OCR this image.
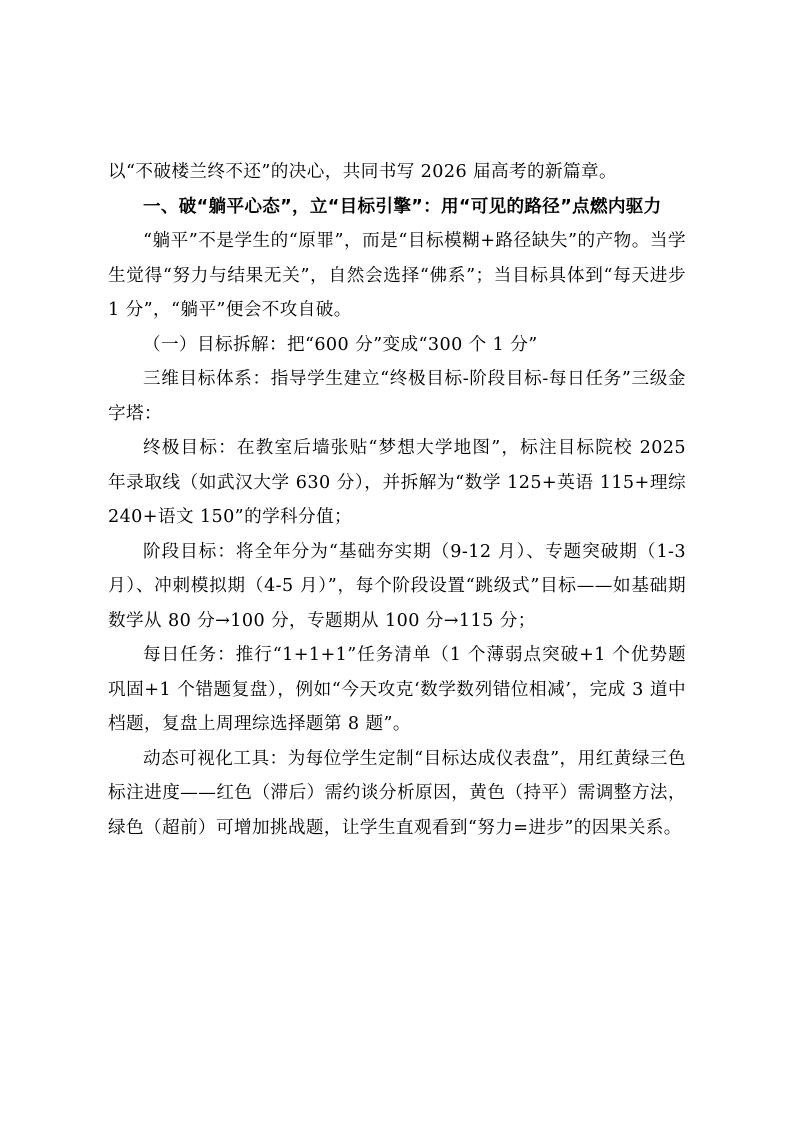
以“不破楼兰终不还”的决心，共同书写 2026 届高考的新篇章。

一、破“躺平心态”，立“目标引擎”：用“可见的路径”点燃内驱力

“躺平”不是学生的“原罪”，而是“目标模糊+路径缺失”的产物。当学生觉得“努力与结果无关”，自然会选择“佛系”；当目标具体到“每天进步 1 分”，“躺平”便会不攻自破。

（一）目标拆解：把“600 分”变成“300 个 1 分”

三维目标体系：指导学生建立“终极目标-阶段目标-每日任务”三级金字塔：

终极目标：在教室后墙张贴“梦想大学地图”，标注目标院校 2025 年录取线（如武汉大学 630 分），并拆解为“数学 125+英语 115+理综 240+语文 150”的学科分值；

阶段目标：将全年分为“基础夯实期（9-12 月）、专题突破期（1-3 月）、冲刺模拟期（4-5 月）”，每个阶段设置“跳级式”目标——如基础期数学从 80 分→100 分，专题期从 100 分→115 分；

每日任务：推行“1+1+1”任务清单（1 个薄弱点突破+1 个优势题巩固+1 个错题复盘），例如“今天攻克‘数学数列错位相减’，完成 3 道中档题，复盘上周理综选择题第 8 题”。

动态可视化工具：为每位学生定制“目标达成仪表盘”，用红黄绿三色标注进度——红色（滞后）需约谈分析原因，黄色（持平）需调整方法，绿色（超前）可增加挑战题，让学生直观看到“努力=进步”的因果关系。
